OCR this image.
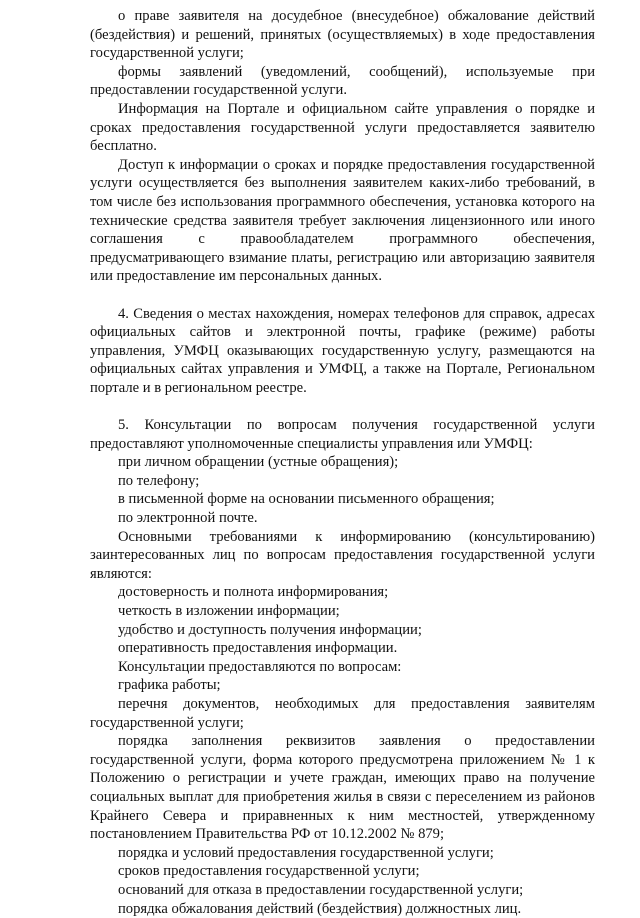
о праве заявителя на досудебное (внесудебное) обжалование действий (бездействия) и решений, принятых (осуществляемых) в ходе предоставления государственной услуги;

формы заявлений (уведомлений, сообщений), используемые при предоставлении государственной услуги.

Информация на Портале и официальном сайте управления о порядке и сроках предоставления государственной услуги предоставляется заявителю бесплатно.

Доступ к информации о сроках и порядке предоставления государственной услуги осуществляется без выполнения заявителем каких-либо требований, в том числе без использования программного обеспечения, установка которого на технические средства заявителя требует заключения лицензионного или иного соглашения с правообладателем программного обеспечения, предусматривающего взимание платы, регистрацию или авторизацию заявителя или предоставление им персональных данных.

4. Сведения о местах нахождения, номерах телефонов для справок, адресах официальных сайтов и электронной почты, графике (режиме) работы управления, УМФЦ оказывающих государственную услугу, размещаются на официальных сайтах управления и УМФЦ, а также на Портале, Региональном портале и в региональном реестре.

5. Консультации по вопросам получения государственной услуги предоставляют уполномоченные специалисты управления или УМФЦ:

при личном обращении (устные обращения);

по телефону;

в письменной форме на основании письменного обращения;

по электронной почте.

Основными требованиями к информированию (консультированию) заинтересованных лиц по вопросам предоставления государственной услуги являются:

достоверность и полнота информирования;

четкость в изложении информации;

удобство и доступность получения информации;

оперативность предоставления информации.

Консультации предоставляются по вопросам:

графика работы;

перечня документов, необходимых для предоставления заявителям государственной услуги;

порядка заполнения реквизитов заявления о предоставлении государственной услуги, форма которого предусмотрена приложением № 1 к Положению о регистрации и учете граждан, имеющих право на получение социальных выплат для приобретения жилья в связи с переселением из районов Крайнего Севера и приравненных к ним местностей, утвержденному постановлением Правительства РФ от 10.12.2002 № 879;

порядка и условий предоставления государственной услуги;

сроков предоставления государственной услуги;

оснований для отказа в предоставлении государственной услуги;

порядка обжалования действий (бездействия) должностных лиц.
